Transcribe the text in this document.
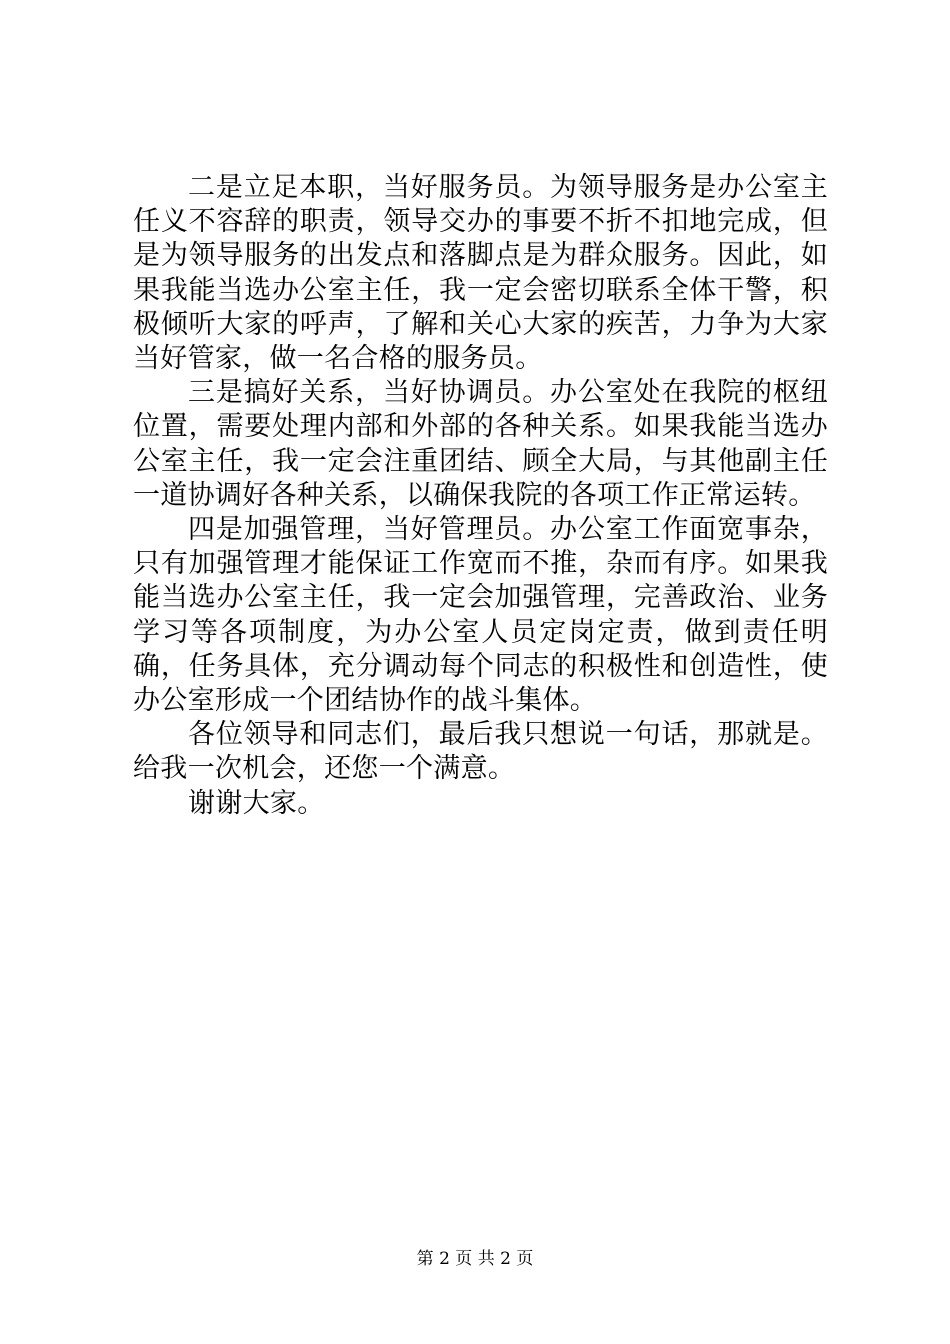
二是立足本职，当好服务员。为领导服务是办公室主任义不容辞的职责，领导交办的事要不折不扣地完成，但是为领导服务的出发点和落脚点是为群众服务。因此，如果我能当选办公室主任，我一定会密切联系全体干警，积极倾听大家的呼声，了解和关心大家的疾苦，力争为大家当好管家，做一名合格的服务员。

三是搞好关系，当好协调员。办公室处在我院的枢纽位置，需要处理内部和外部的各种关系。如果我能当选办公室主任，我一定会注重团结、顾全大局，与其他副主任一道协调好各种关系，以确保我院的各项工作正常运转。

四是加强管理，当好管理员。办公室工作面宽事杂，只有加强管理才能保证工作宽而不推，杂而有序。如果我能当选办公室主任，我一定会加强管理，完善政治、业务学习等各项制度，为办公室人员定岗定责，做到责任明确，任务具体，充分调动每个同志的积极性和创造性，使办公室形成一个团结协作的战斗集体。

各位领导和同志们，最后我只想说一句话，那就是。给我一次机会，还您一个满意。

谢谢大家。

第 2 页 共 2 页
